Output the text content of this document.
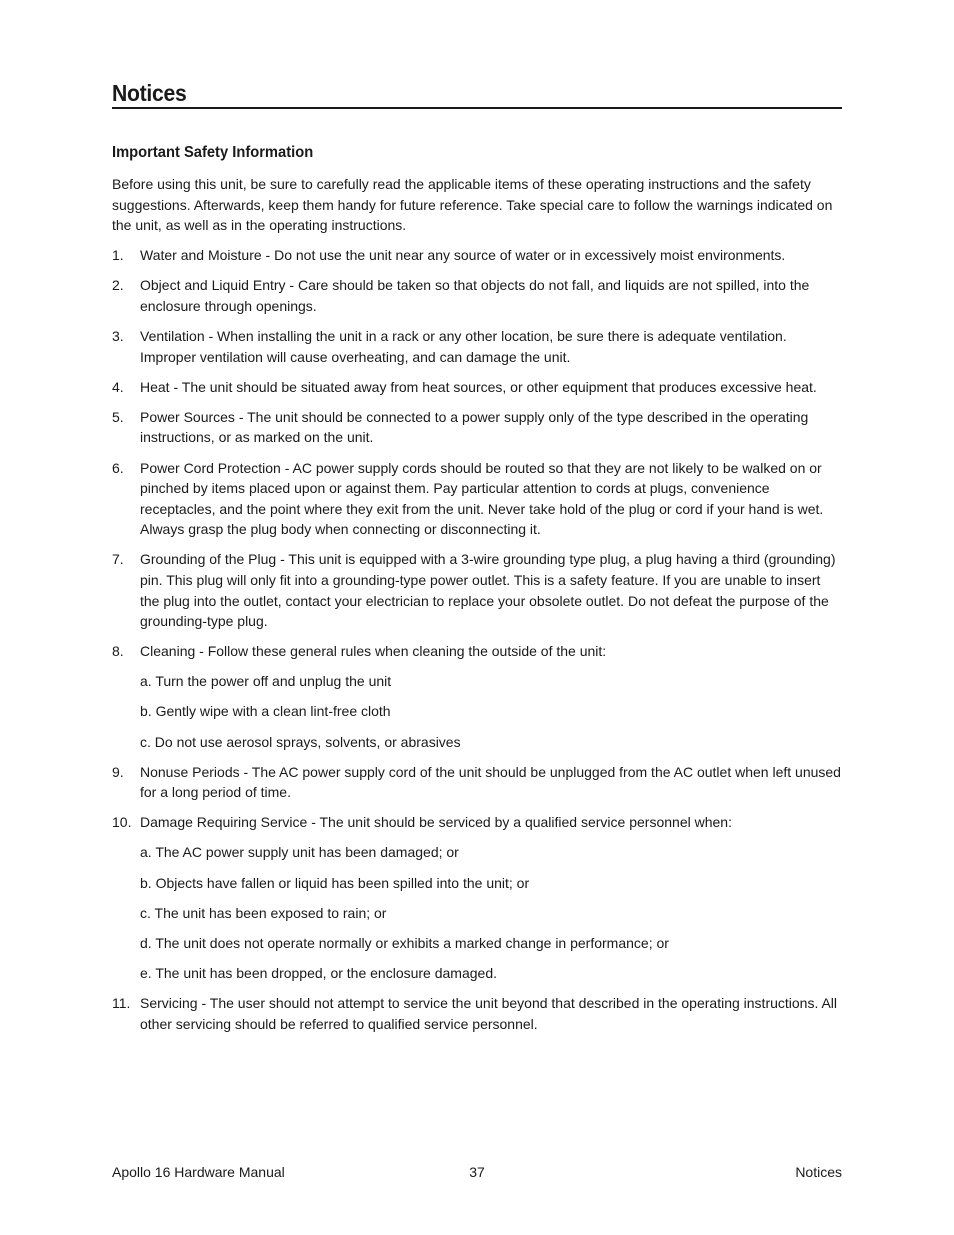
Notices
Important Safety Information

Before using this unit, be sure to carefully read the applicable items of these operating instructions and the safety suggestions. Afterwards, keep them handy for future reference. Take special care to follow the warnings indicated on the unit, as well as in the operating instructions.

1. Water and Moisture - Do not use the unit near any source of water or in excessively moist environments.
2. Object and Liquid Entry - Care should be taken so that objects do not fall, and liquids are not spilled, into the enclosure through openings.
3. Ventilation - When installing the unit in a rack or any other location, be sure there is adequate ventilation. Improper ventilation will cause overheating, and can damage the unit.
4. Heat - The unit should be situated away from heat sources, or other equipment that produces excessive heat.
5. Power Sources - The unit should be connected to a power supply only of the type described in the operating instructions, or as marked on the unit.
6. Power Cord Protection - AC power supply cords should be routed so that they are not likely to be walked on or pinched by items placed upon or against them. Pay particular attention to cords at plugs, convenience receptacles, and the point where they exit from the unit. Never take hold of the plug or cord if your hand is wet. Always grasp the plug body when connecting or disconnecting it.
7. Grounding of the Plug - This unit is equipped with a 3-wire grounding type plug, a plug having a third (grounding) pin. This plug will only fit into a grounding-type power outlet. This is a safety feature. If you are unable to insert the plug into the outlet, contact your electrician to replace your obsolete outlet. Do not defeat the purpose of the grounding-type plug.
8. Cleaning - Follow these general rules when cleaning the outside of the unit:
a. Turn the power off and unplug the unit
b. Gently wipe with a clean lint-free cloth
c. Do not use aerosol sprays, solvents, or abrasives
9. Nonuse Periods - The AC power supply cord of the unit should be unplugged from the AC outlet when left unused for a long period of time.
10. Damage Requiring Service - The unit should be serviced by a qualified service personnel when:
a. The AC power supply unit has been damaged; or
b. Objects have fallen or liquid has been spilled into the unit; or
c. The unit has been exposed to rain; or
d. The unit does not operate normally or exhibits a marked change in performance; or
e. The unit has been dropped, or the enclosure damaged.
11. Servicing - The user should not attempt to service the unit beyond that described in the operating instructions. All other servicing should be referred to qualified service personnel.
Apollo 16 Hardware Manual	37	Notices
